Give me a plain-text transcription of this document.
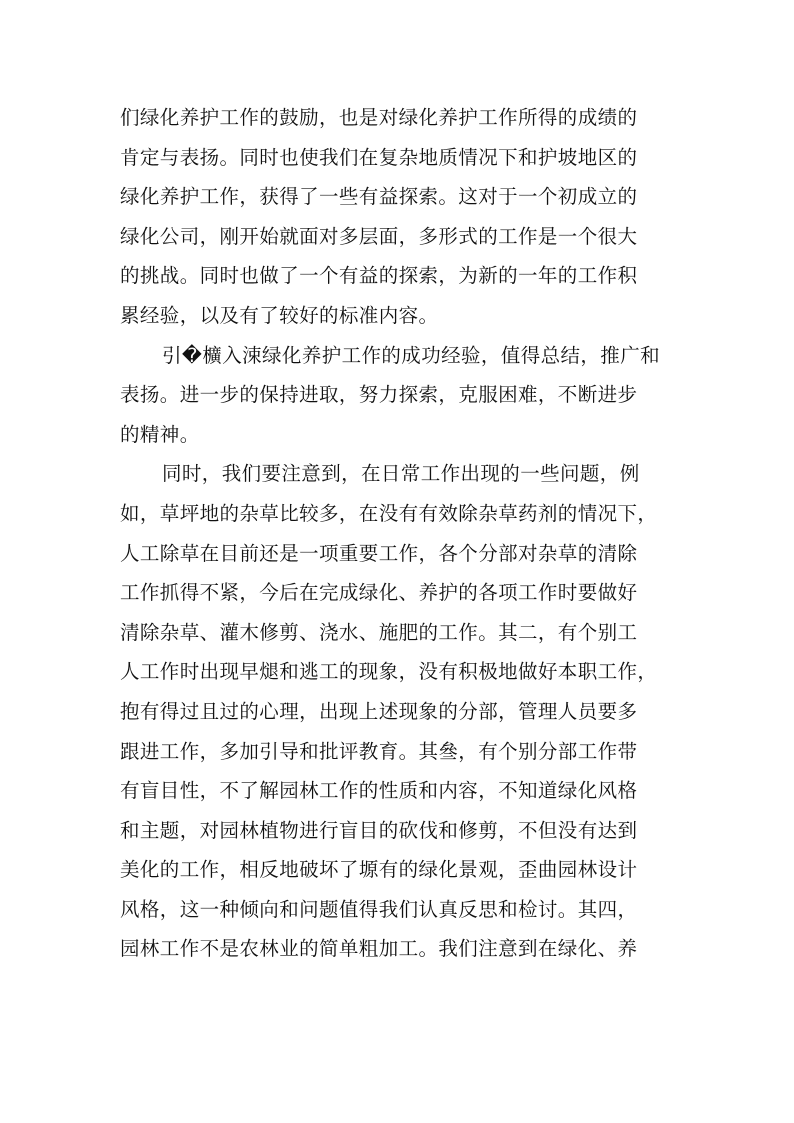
们绿化养护工作的鼓励，也是对绿化养护工作所得的成绩的
肯定与表扬。同时也使我们在复杂地质情况下和护坡地区的
绿化养护工作，获得了一些有益探索。这对于一个初成立的
绿化公司，刚开始就面对多层面，多形式的工作是一个很大
的挑战。同时也做了一个有益的探索，为新的一年的工作积
累经验，以及有了较好的标准内容。
引�櫎入涑绿化养护工作的成功经验，值得总结，推广和
表扬。进一步的保持进取，努力探索，克服困难，不断进步
的精神。
同时，我们要注意到，在日常工作出现的一些问题，例
如，草坪地的杂草比较多，在没有有效除杂草药剂的情况下，
人工除草在目前还是一项重要工作，各个分部对杂草的清除
工作抓得不紧，今后在完成绿化、养护的各项工作时要做好
清除杂草、灌木修剪、浇水、施肥的工作。其二，有个别工
人工作时出现早煺和逃工的现象，没有积极地做好本职工作，
抱有得过且过的心理，出现上述现象的分部，管理人员要多
跟进工作，多加引导和批评教育。其叄，有个别分部工作带
有盲目性，不了解园林工作的性质和内容，不知道绿化风格
和主题，对园林植物进行盲目的砍伐和修剪，不但没有达到
美化的工作，相反地破坏了塬有的绿化景观，歪曲园林设计
风格，这一种倾向和问题值得我们认真反思和检讨。其四，
园林工作不是农林业的简单粗加工。我们注意到在绿化、养
